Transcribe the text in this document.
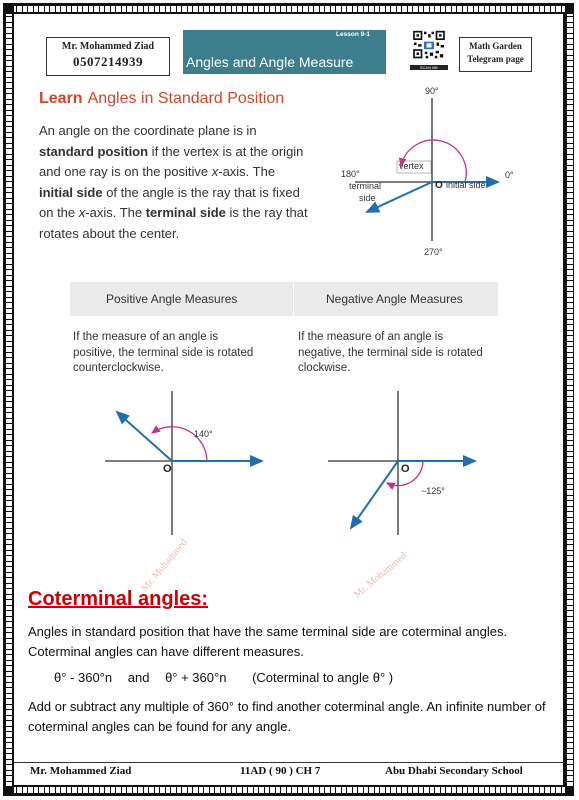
Mr. Mohammed Ziad
0507214939
Lesson 9-1
Angles and Angle Measure	SCAN ME
Math Garden
Telegram page
Learn Angles in Standard Position
An angle on the coordinate plane is in standard position if the vertex is at the origin and one ray is on the positive x-axis. The initial side of the angle is the ray that is fixed on the x-axis. The terminal side is the ray that rotates about the center.
90°
270°
180°	0°
vertex
O initial side
terminal
side
Positive Angle Measures	Negative Angle Measures
If the measure of an angle is positive, the terminal side is rotated counterclockwise.
If the measure of an angle is negative, the terminal side is rotated clockwise.
140°
O
−125°
O
Mr. Mohammed	Mr. Mohammed
Coterminal angles:
Angles in standard position that have the same terminal side are coterminal angles. Coterminal angles can have different measures.
θ° - 360°n and θ° + 360°n (Coterminal to angle θ° )
Add or subtract any multiple of 360° to find another coterminal angle. An infinite number of coterminal angles can be found for any angle.
Mr. Mohammed Ziad	11AD ( 90 ) CH 7	Abu Dhabi Secondary School
